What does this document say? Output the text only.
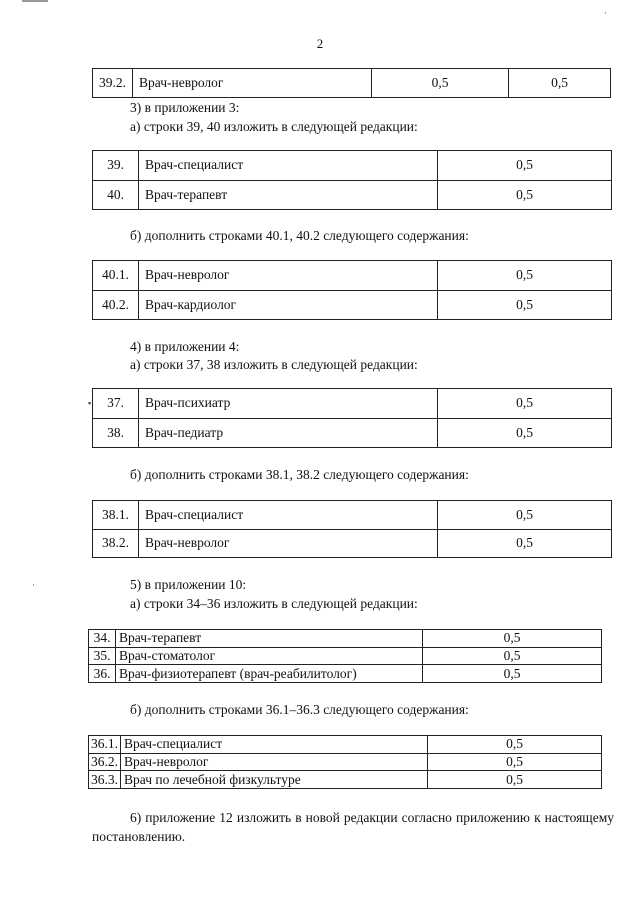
2
39.2.	Врач-невролог	0,5	0,5
3) в приложении 3:
а) строки 39, 40 изложить в следующей редакции:
39.	Врач-специалист	0,5
40.	Врач-терапевт	0,5
б) дополнить строками 40.1, 40.2 следующего содержания:
40.1.	Врач-невролог	0,5
40.2.	Врач-кардиолог	0,5
4) в приложении 4:
а) строки 37, 38 изложить в следующей редакции:
37.	Врач-психиатр	0,5
38.	Врач-педиатр	0,5
▪
б) дополнить строками 38.1, 38.2 следующего содержания:
38.1.	Врач-специалист	0,5
38.2.	Врач-невролог	0,5
5) в приложении 10:
а) строки 34–36 изложить в следующей редакции:
34.	Врач-терапевт	0,5
35.	Врач-стоматолог	0,5
36.	Врач-физиотерапевт (врач-реабилитолог)	0,5
б) дополнить строками 36.1–36.3 следующего содержания:
36.1.	Врач-специалист	0,5
36.2.	Врач-невролог	0,5
36.3.	Врач по лечебной физкультуре	0,5
6) приложение 12 изложить в новой редакции согласно приложению к настоящему постановлению.
·
·
